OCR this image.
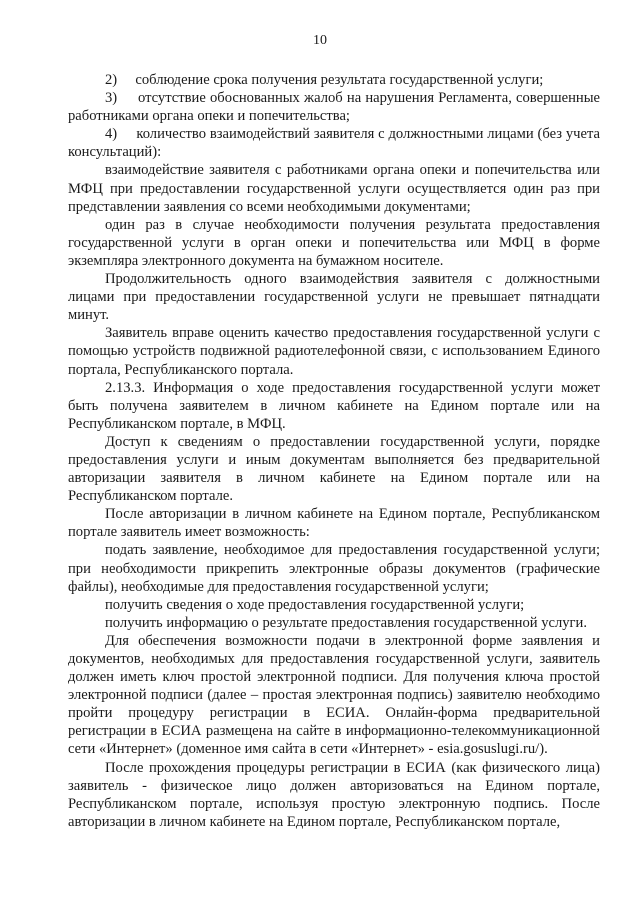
10

2)     соблюдение срока получения результата государственной услуги;

3)     отсутствие обоснованных жалоб на нарушения Регламента, совершенные работниками органа опеки и попечительства;

4)     количество взаимодействий заявителя с должностными лицами (без учета консультаций):

взаимодействие заявителя с работниками органа опеки и попечительства или МФЦ при предоставлении государственной услуги осуществляется один раз при представлении заявления со всеми необходимыми документами;

один раз в случае необходимости получения результата предоставления государственной услуги в орган опеки и попечительства или МФЦ в форме экземпляра электронного документа на бумажном носителе.

Продолжительность одного взаимодействия заявителя с должностными лицами при предоставлении государственной услуги не превышает пятнадцати минут.

Заявитель вправе оценить качество предоставления государственной услуги с помощью устройств подвижной радиотелефонной связи, с использованием Единого портала, Республиканского портала.

2.13.3. Информация о ходе предоставления государственной услуги может быть получена заявителем в личном кабинете на Едином портале или на Республиканском портале, в МФЦ.

Доступ к сведениям о предоставлении государственной услуги, порядке предоставления услуги и иным документам выполняется без предварительной авторизации заявителя в личном кабинете на Едином портале или на Республиканском портале.

После авторизации в личном кабинете на Едином портале, Республиканском портале заявитель имеет возможность:

подать заявление, необходимое для предоставления государственной услуги; при необходимости прикрепить электронные образы документов (графические файлы), необходимые для предоставления государственной услуги;

получить сведения о ходе предоставления государственной услуги;

получить информацию о результате предоставления государственной услуги.

Для обеспечения возможности подачи в электронной форме заявления и документов, необходимых для предоставления государственной услуги, заявитель должен иметь ключ простой электронной подписи. Для получения ключа простой электронной подписи (далее – простая электронная подпись) заявителю необходимо пройти процедуру регистрации в ЕСИА. Онлайн-форма предварительной регистрации в ЕСИА размещена на сайте в информационно-телекоммуникационной сети «Интернет» (доменное имя сайта в сети «Интернет» - esia.gosuslugi.ru/).

После прохождения процедуры регистрации в ЕСИА (как физического лица) заявитель - физическое лицо должен авторизоваться на Едином портале, Республиканском портале, используя простую электронную подпись. После авторизации в личном кабинете на Едином портале, Республиканском портале,
